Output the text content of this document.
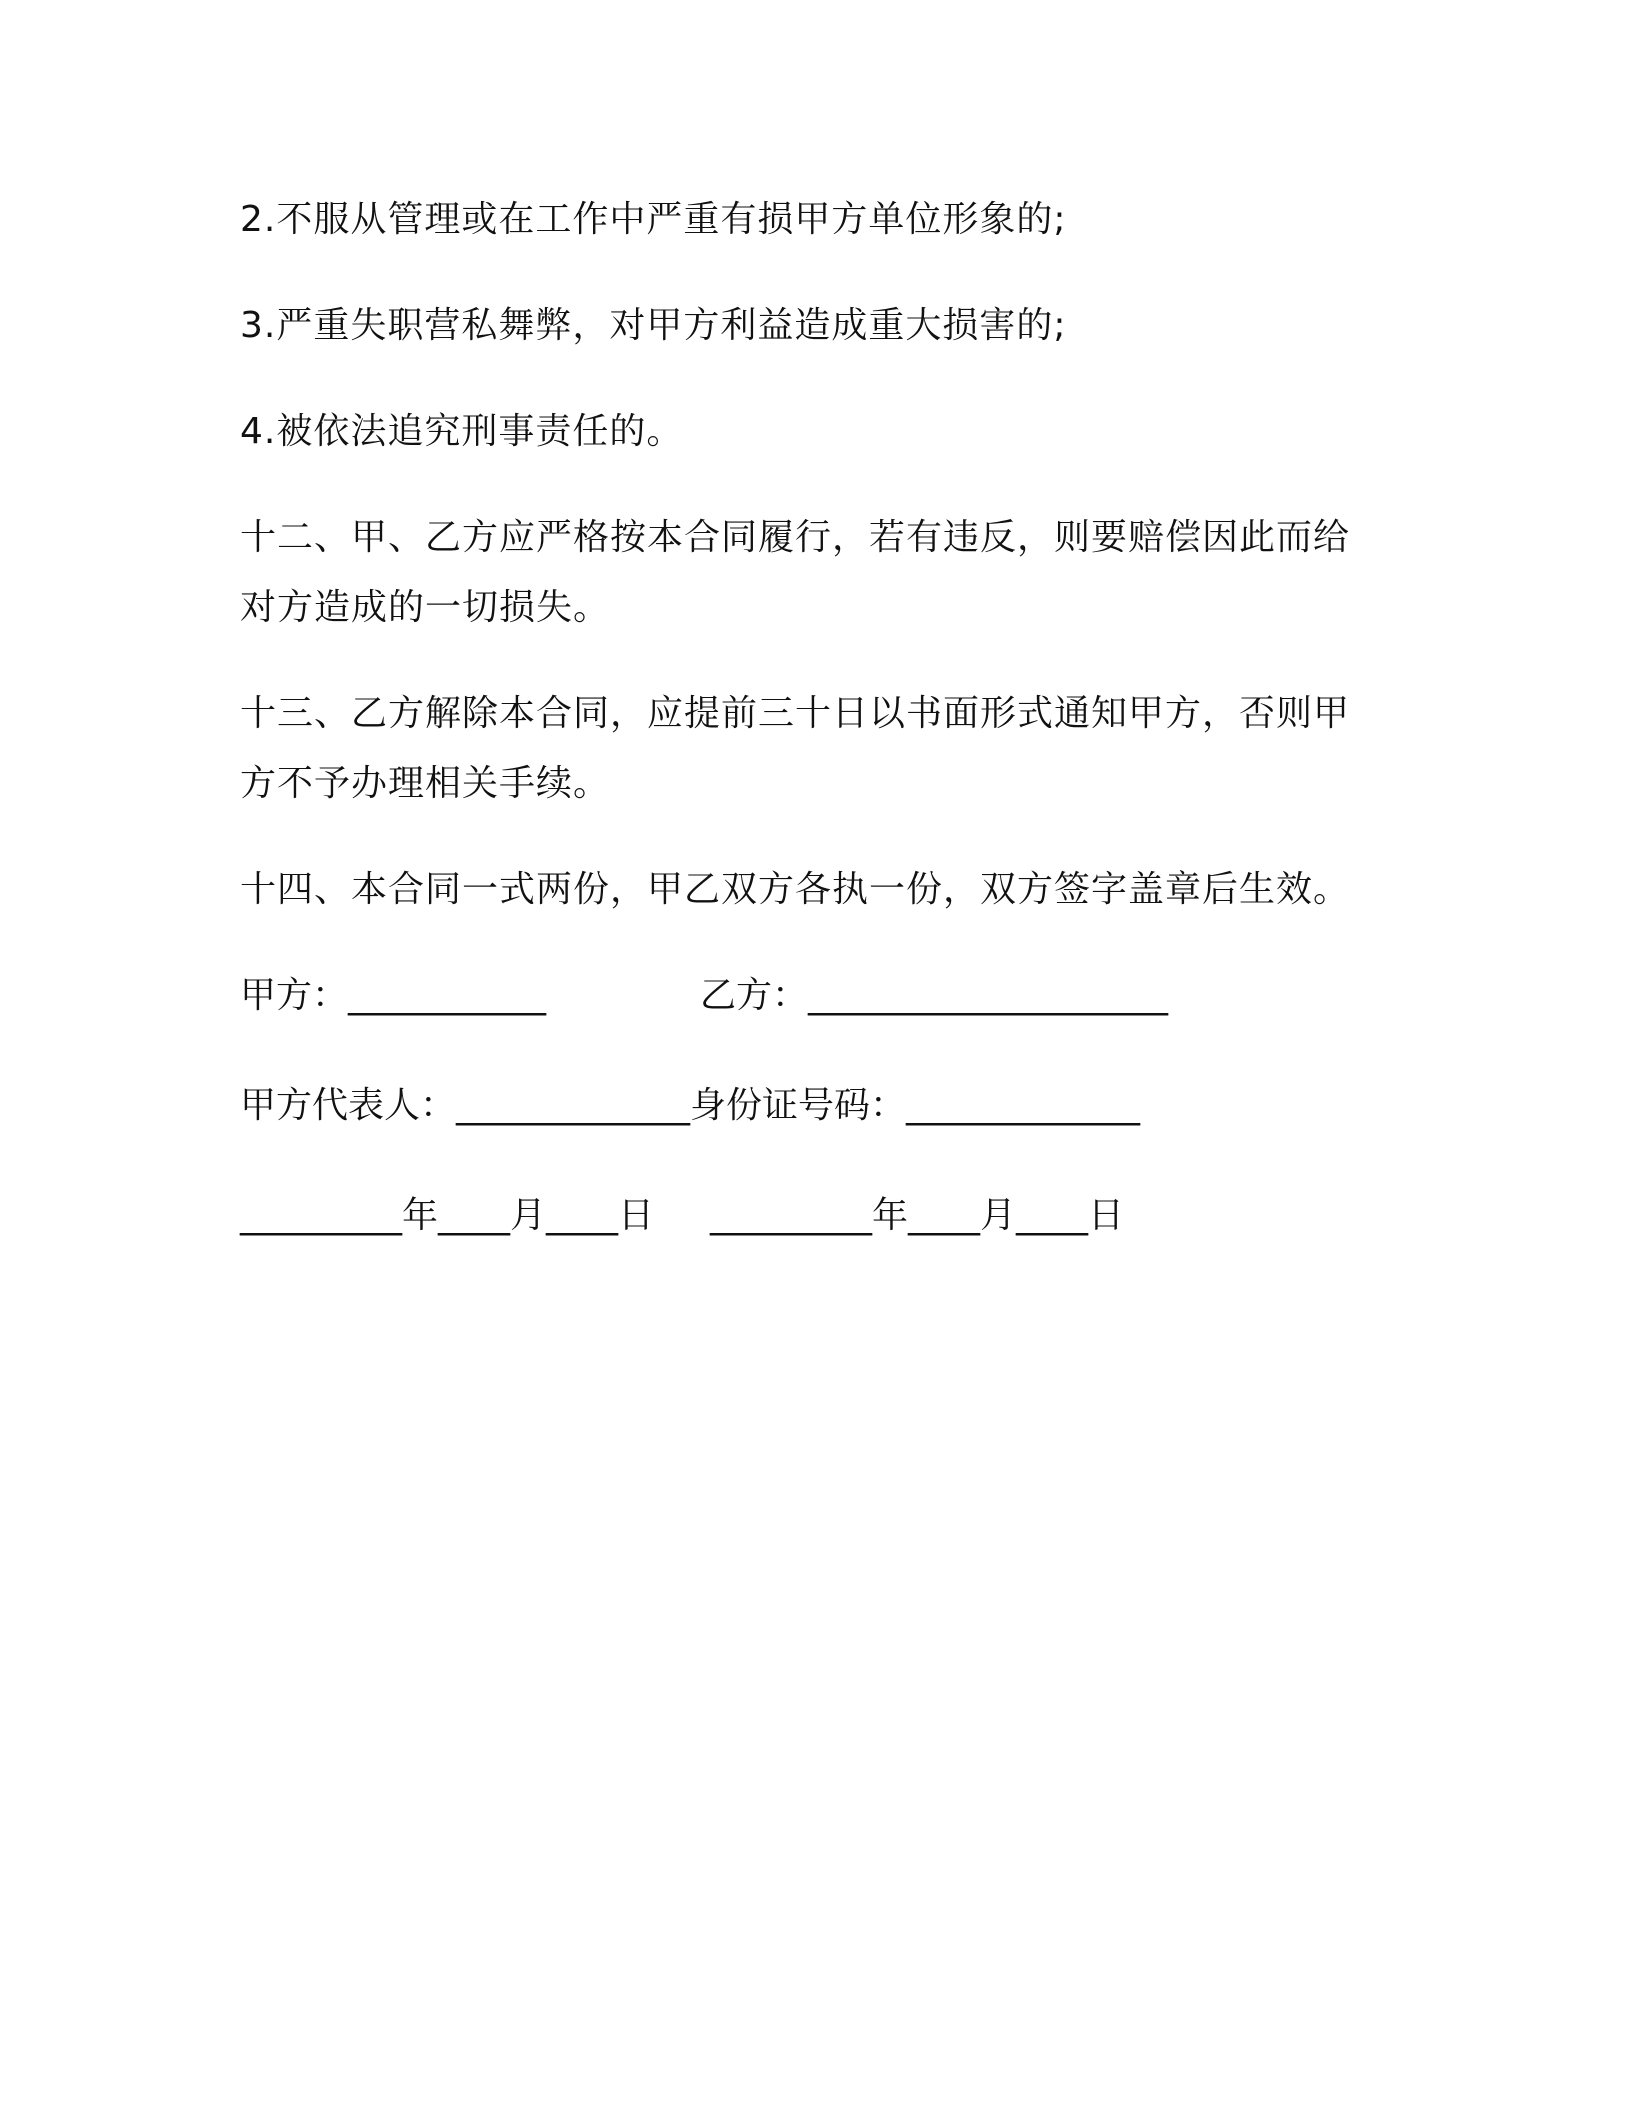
2.不服从管理或在工作中严重有损甲方单位形象的;

3.严重失职营私舞弊，对甲方利益造成重大损害的;

4.被依法追究刑事责任的。

十二、甲、乙方应严格按本合同履行，若有违反，则要赔偿因此而给对方造成的一切损失。

十三、乙方解除本合同，应提前三十日以书面形式通知甲方，否则甲方不予办理相关手续。

十四、本合同一式两份，甲乙双方各执一份，双方签字盖章后生效。

甲方：___________	乙方：____________________
甲方代表人：_____________ 身份证号码：_____________
_________年____月____日	_________年____月____日
